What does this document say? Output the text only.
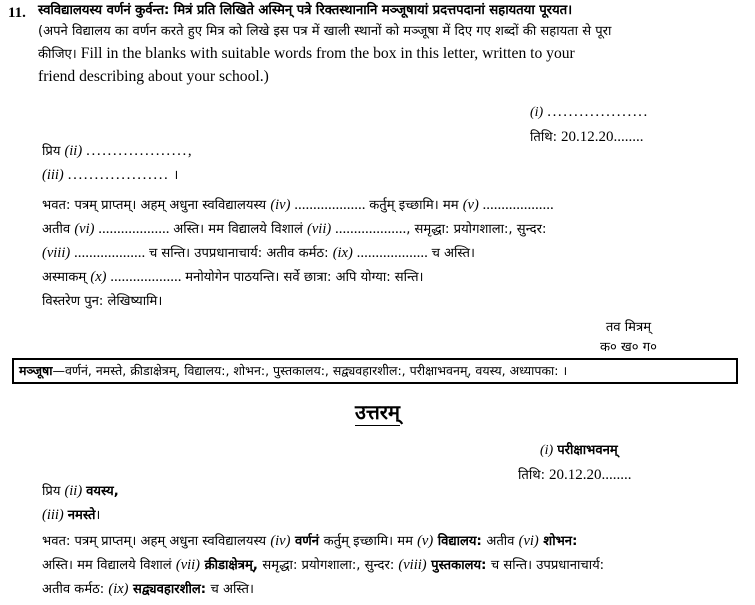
11. स्वविद्यालयस्य वर्णनं कुर्वन्त: मित्रं प्रति लिखिते अस्मिन् पत्रे रिक्तस्थानानि मञ्जूषायां प्रदत्तपदानां सहायतया पूरयत।
(अपने विद्यालय का वर्णन करते हुए मित्र को लिखे इस पत्र में खाली स्थानों को मञ्जूषा में दिए गए शब्दों की सहायता से पूरा
कीजिए। Fill in the blanks with suitable words from the box in this letter, written to your
friend describing about your school.)
(i) ...................
तिथि: 20.12.20........
प्रिय (ii) ...................,
(iii) ................... ।
भवत: पत्रम् प्राप्तम्। अहम् अधुना स्वविद्यालयस्य (iv) ................... कर्तुम् इच्छामि। मम (v) ...................
अतीव (vi) ................... अस्ति। मम विद्यालये विशालं (vii) ..................., समृद्धा: प्रयोगशाला:, सुन्दर:
(viii) ................... च सन्ति। उपप्रधानाचार्य: अतीव कर्मठ: (ix) ................... च अस्ति।
अस्माकम् (x) ................... मनोयोगेन पाठयन्ति। सर्वे छात्रा: अपि योग्या: सन्ति।
विस्तरेण पुन: लेखिष्यामि।
तव मित्रम्
क० ख० ग०
मञ्जूषा—वर्णनं, नमस्ते, क्रीडाक्षेत्रम्, विद्यालय:, शोभन:, पुस्तकालय:, सद्व्यवहारशील:, परीक्षाभवनम्, वयस्य, अध्यापका: ।
उत्तरम्
(i) परीक्षाभवनम्
तिथि: 20.12.20........
प्रिय (ii) वयस्य,
(iii) नमस्ते।
भवत: पत्रम् प्राप्तम्। अहम् अधुना स्वविद्यालयस्य (iv) वर्णनं कर्तुम् इच्छामि। मम (v) विद्यालय: अतीव (vi) शोभन:
अस्ति। मम विद्यालये विशालं (vii) क्रीडाक्षेत्रम्, समृद्धा: प्रयोगशाला:, सुन्दर: (viii) पुस्तकालय: च सन्ति। उपप्रधानाचार्य:
अतीव कर्मठ: (ix) सद्व्यवहारशील: च अस्ति।
